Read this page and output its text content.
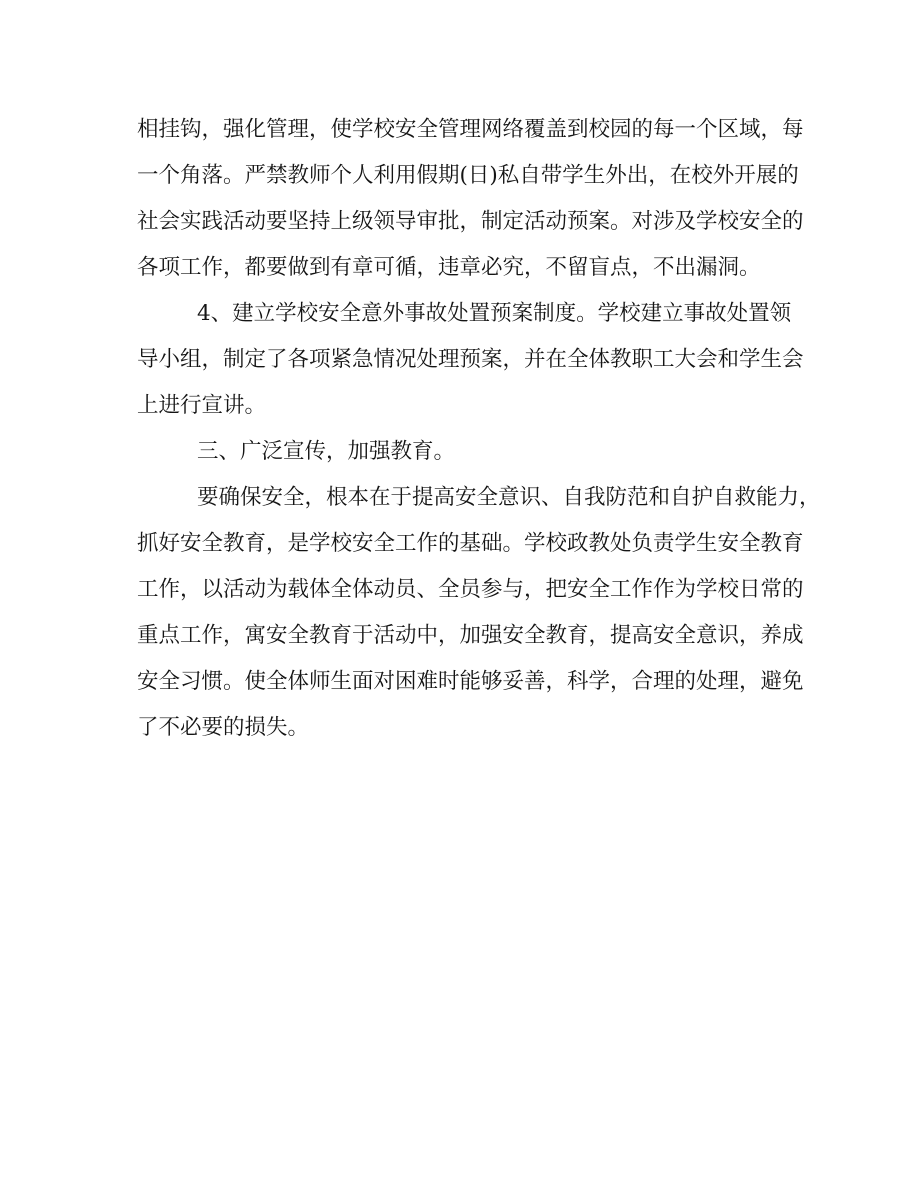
相挂钩，强化管理，使学校安全管理网络覆盖到校园的每一个区域，每
一个角落。严禁教师个人利用假期(日)私自带学生外出，在校外开展的
社会实践活动要坚持上级领导审批，制定活动预案。对涉及学校安全的
各项工作，都要做到有章可循，违章必究，不留盲点，不出漏洞。
4、建立学校安全意外事故处置预案制度。学校建立事故处置领
导小组，制定了各项紧急情况处理预案，并在全体教职工大会和学生会
上进行宣讲。
三、广泛宣传，加强教育。
要确保安全，根本在于提高安全意识、自我防范和自护自救能力，
抓好安全教育，是学校安全工作的基础。学校政教处负责学生安全教育
工作，以活动为载体全体动员、全员参与，把安全工作作为学校日常的
重点工作，寓安全教育于活动中，加强安全教育，提高安全意识，养成
安全习惯。使全体师生面对困难时能够妥善，科学，合理的处理，避免
了不必要的损失。
